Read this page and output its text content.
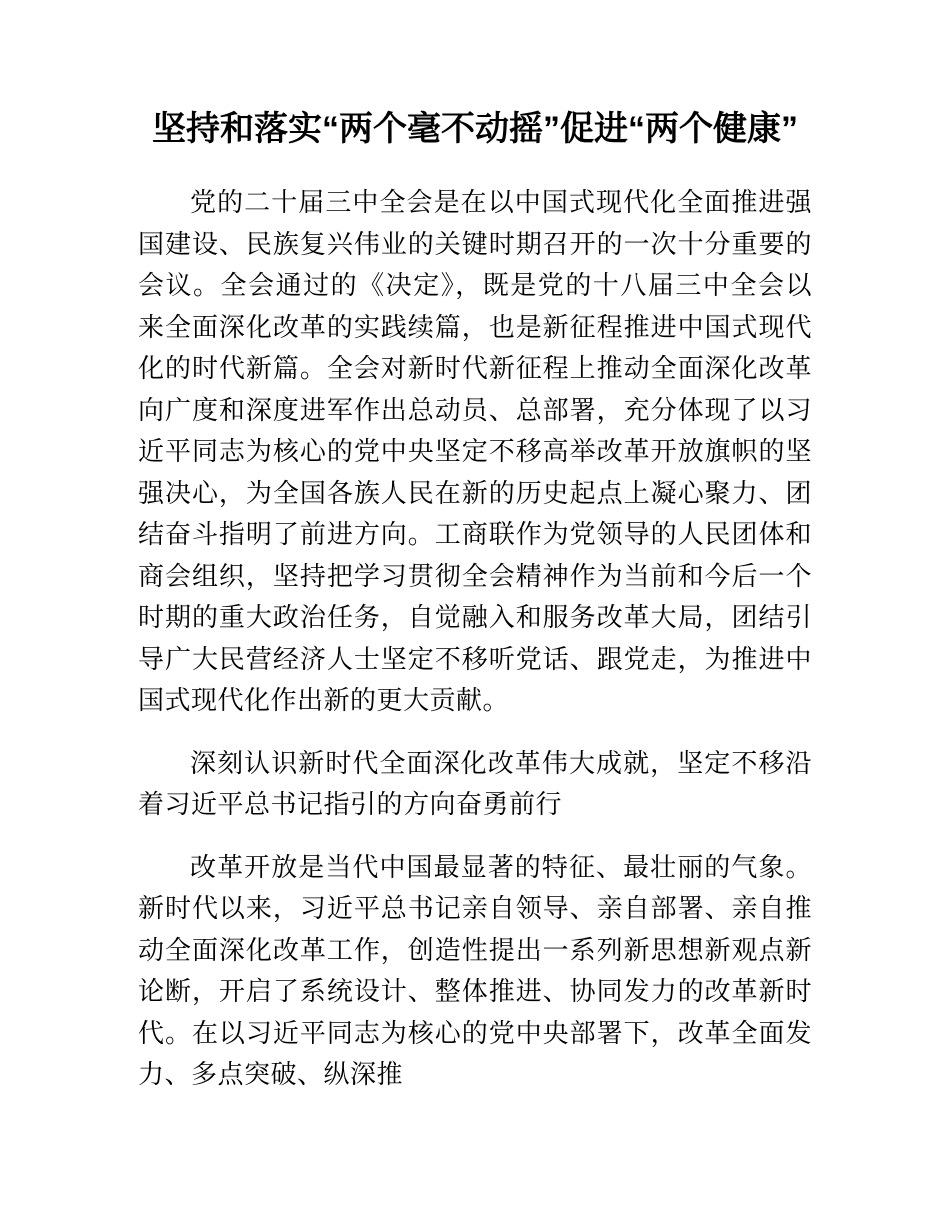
坚持和落实“两个毫不动摇”促进“两个健康”

党的二十届三中全会是在以中国式现代化全面推进强国建设、民族复兴伟业的关键时期召开的一次十分重要的会议。全会通过的《决定》，既是党的十八届三中全会以来全面深化改革的实践续篇，也是新征程推进中国式现代化的时代新篇。全会对新时代新征程上推动全面深化改革向广度和深度进军作出总动员、总部署，充分体现了以习近平同志为核心的党中央坚定不移高举改革开放旗帜的坚强决心，为全国各族人民在新的历史起点上凝心聚力、团结奋斗指明了前进方向。工商联作为党领导的人民团体和商会组织，坚持把学习贯彻全会精神作为当前和今后一个时期的重大政治任务，自觉融入和服务改革大局，团结引导广大民营经济人士坚定不移听党话、跟党走，为推进中国式现代化作出新的更大贡献。

深刻认识新时代全面深化改革伟大成就，坚定不移沿着习近平总书记指引的方向奋勇前行

改革开放是当代中国最显著的特征、最壮丽的气象。新时代以来，习近平总书记亲自领导、亲自部署、亲自推动全面深化改革工作，创造性提出一系列新思想新观点新论断，开启了系统设计、整体推进、协同发力的改革新时代。在以习近平同志为核心的党中央部署下，改革全面发力、多点突破、纵深推
